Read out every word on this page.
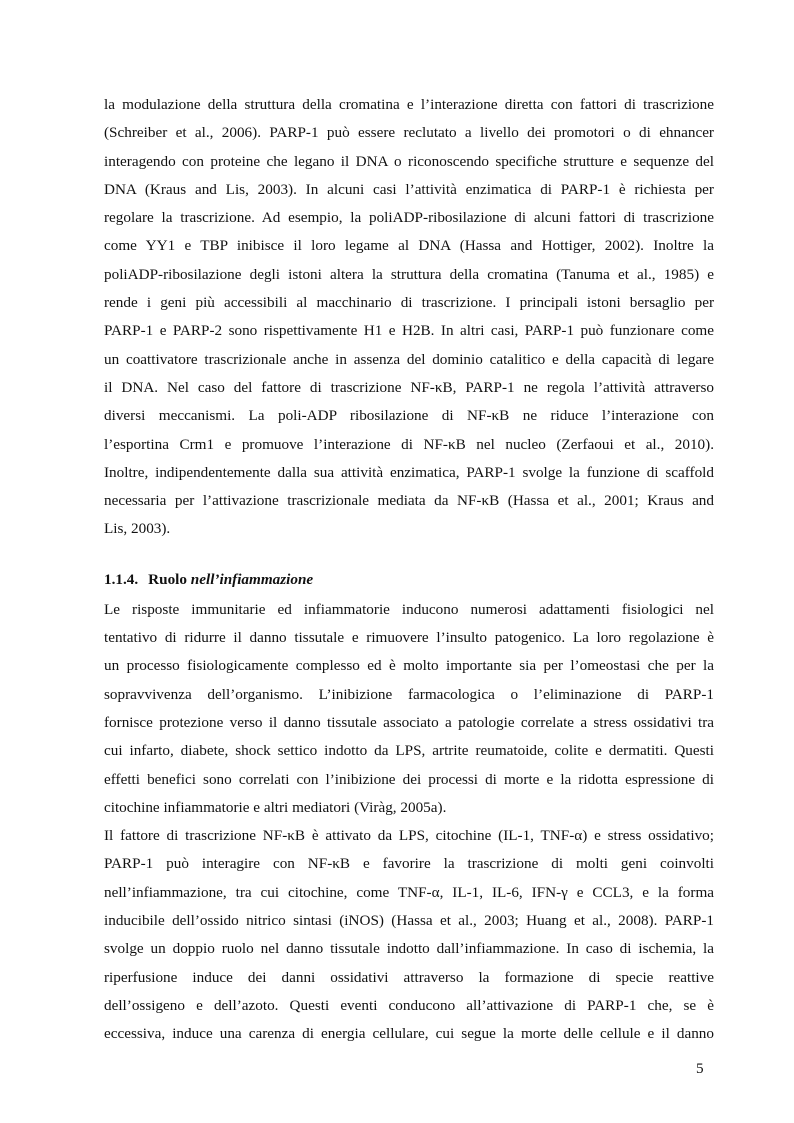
la modulazione della struttura della cromatina e l’interazione diretta con fattori di trascrizione
(Schreiber et al., 2006). PARP-1 può essere reclutato a livello dei promotori o di ehnancer
interagendo con proteine che legano il DNA o riconoscendo specifiche strutture e sequenze del
DNA (Kraus and Lis, 2003). In alcuni casi l’attività enzimatica di PARP-1 è richiesta per
regolare la trascrizione. Ad esempio, la poliADP-ribosilazione di alcuni fattori di trascrizione
come YY1 e TBP inibisce il loro legame al DNA (Hassa and Hottiger, 2002). Inoltre la
poliADP-ribosilazione degli istoni altera la struttura della cromatina (Tanuma et al., 1985) e
rende i geni più accessibili al macchinario di trascrizione. I principali istoni bersaglio per
PARP-1 e PARP-2 sono rispettivamente H1 e H2B. In altri casi, PARP-1 può funzionare come
un coattivatore trascrizionale anche in assenza del dominio catalitico e della capacità di legare
il DNA. Nel caso del fattore di trascrizione NF-κB, PARP-1 ne regola l’attività attraverso
diversi meccanismi. La poli-ADP ribosilazione di NF-κB ne riduce l’interazione con
l’esportina Crm1 e promuove l’interazione di NF-κB nel nucleo (Zerfaoui et al., 2010).
Inoltre, indipendentemente dalla sua attività enzimatica, PARP-1 svolge la funzione di scaffold
necessaria per l’attivazione trascrizionale mediata da NF-κB (Hassa et al., 2001; Kraus and
Lis, 2003).
1.1.4. Ruolo nell’infiammazione
Le risposte immunitarie ed infiammatorie inducono numerosi adattamenti fisiologici nel
tentativo di ridurre il danno tissutale e rimuovere l’insulto patogenico. La loro regolazione è
un processo fisiologicamente complesso ed è molto importante sia per l’omeostasi che per la
sopravvivenza dell’organismo. L’inibizione farmacologica o l’eliminazione di PARP-1
fornisce protezione verso il danno tissutale associato a patologie correlate a stress ossidativi tra
cui infarto, diabete, shock settico indotto da LPS, artrite reumatoide, colite e dermatiti. Questi
effetti benefici sono correlati con l’inibizione dei processi di morte e la ridotta espressione di
citochine infiammatorie e altri mediatori (Viràg, 2005a).
Il fattore di trascrizione NF-κB è attivato da LPS, citochine (IL-1, TNF-α) e stress ossidativo;
PARP-1 può interagire con NF-κB e favorire la trascrizione di molti geni coinvolti
nell’infiammazione, tra cui citochine, come TNF-α, IL-1, IL-6, IFN-γ e CCL3, e la forma
inducibile dell’ossido nitrico sintasi (iNOS) (Hassa et al., 2003; Huang et al., 2008). PARP-1
svolge un doppio ruolo nel danno tissutale indotto dall’infiammazione. In caso di ischemia, la
riperfusione induce dei danni ossidativi attraverso la formazione di specie reattive
dell’ossigeno e dell’azoto. Questi eventi conducono all’attivazione di PARP-1 che, se è
eccessiva, induce una carenza di energia cellulare, cui segue la morte delle cellule e il danno
5
